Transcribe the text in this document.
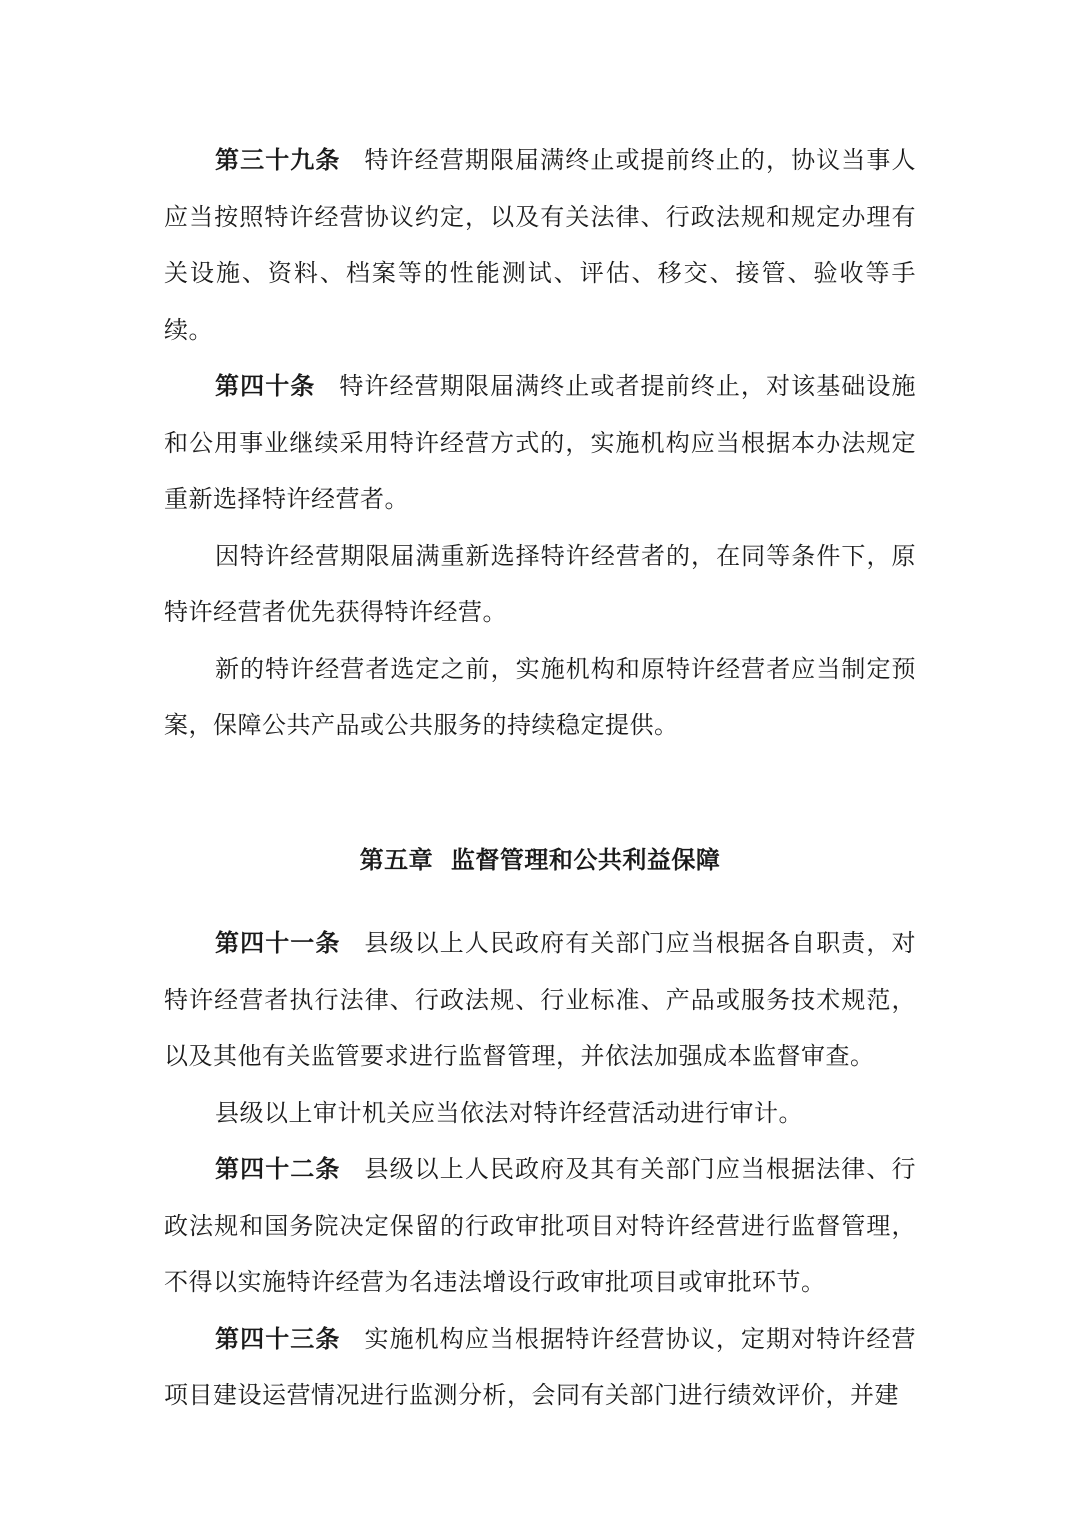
第三十九条 特许经营期限届满终止或提前终止的，协议当事人应当按照特许经营协议约定，以及有关法律、行政法规和规定办理有关设施、资料、档案等的性能测试、评估、移交、接管、验收等手续。

第四十条 特许经营期限届满终止或者提前终止，对该基础设施和公用事业继续采用特许经营方式的，实施机构应当根据本办法规定重新选择特许经营者。

因特许经营期限届满重新选择特许经营者的，在同等条件下，原特许经营者优先获得特许经营。

新的特许经营者选定之前，实施机构和原特许经营者应当制定预案，保障公共产品或公共服务的持续稳定提供。

第五章  监督管理和公共利益保障

第四十一条 县级以上人民政府有关部门应当根据各自职责，对特许经营者执行法律、行政法规、行业标准、产品或服务技术规范，以及其他有关监管要求进行监督管理，并依法加强成本监督审查。

县级以上审计机关应当依法对特许经营活动进行审计。

第四十二条 县级以上人民政府及其有关部门应当根据法律、行政法规和国务院决定保留的行政审批项目对特许经营进行监督管理，不得以实施特许经营为名违法增设行政审批项目或审批环节。

第四十三条 实施机构应当根据特许经营协议，定期对特许经营项目建设运营情况进行监测分析，会同有关部门进行绩效评价，并建
